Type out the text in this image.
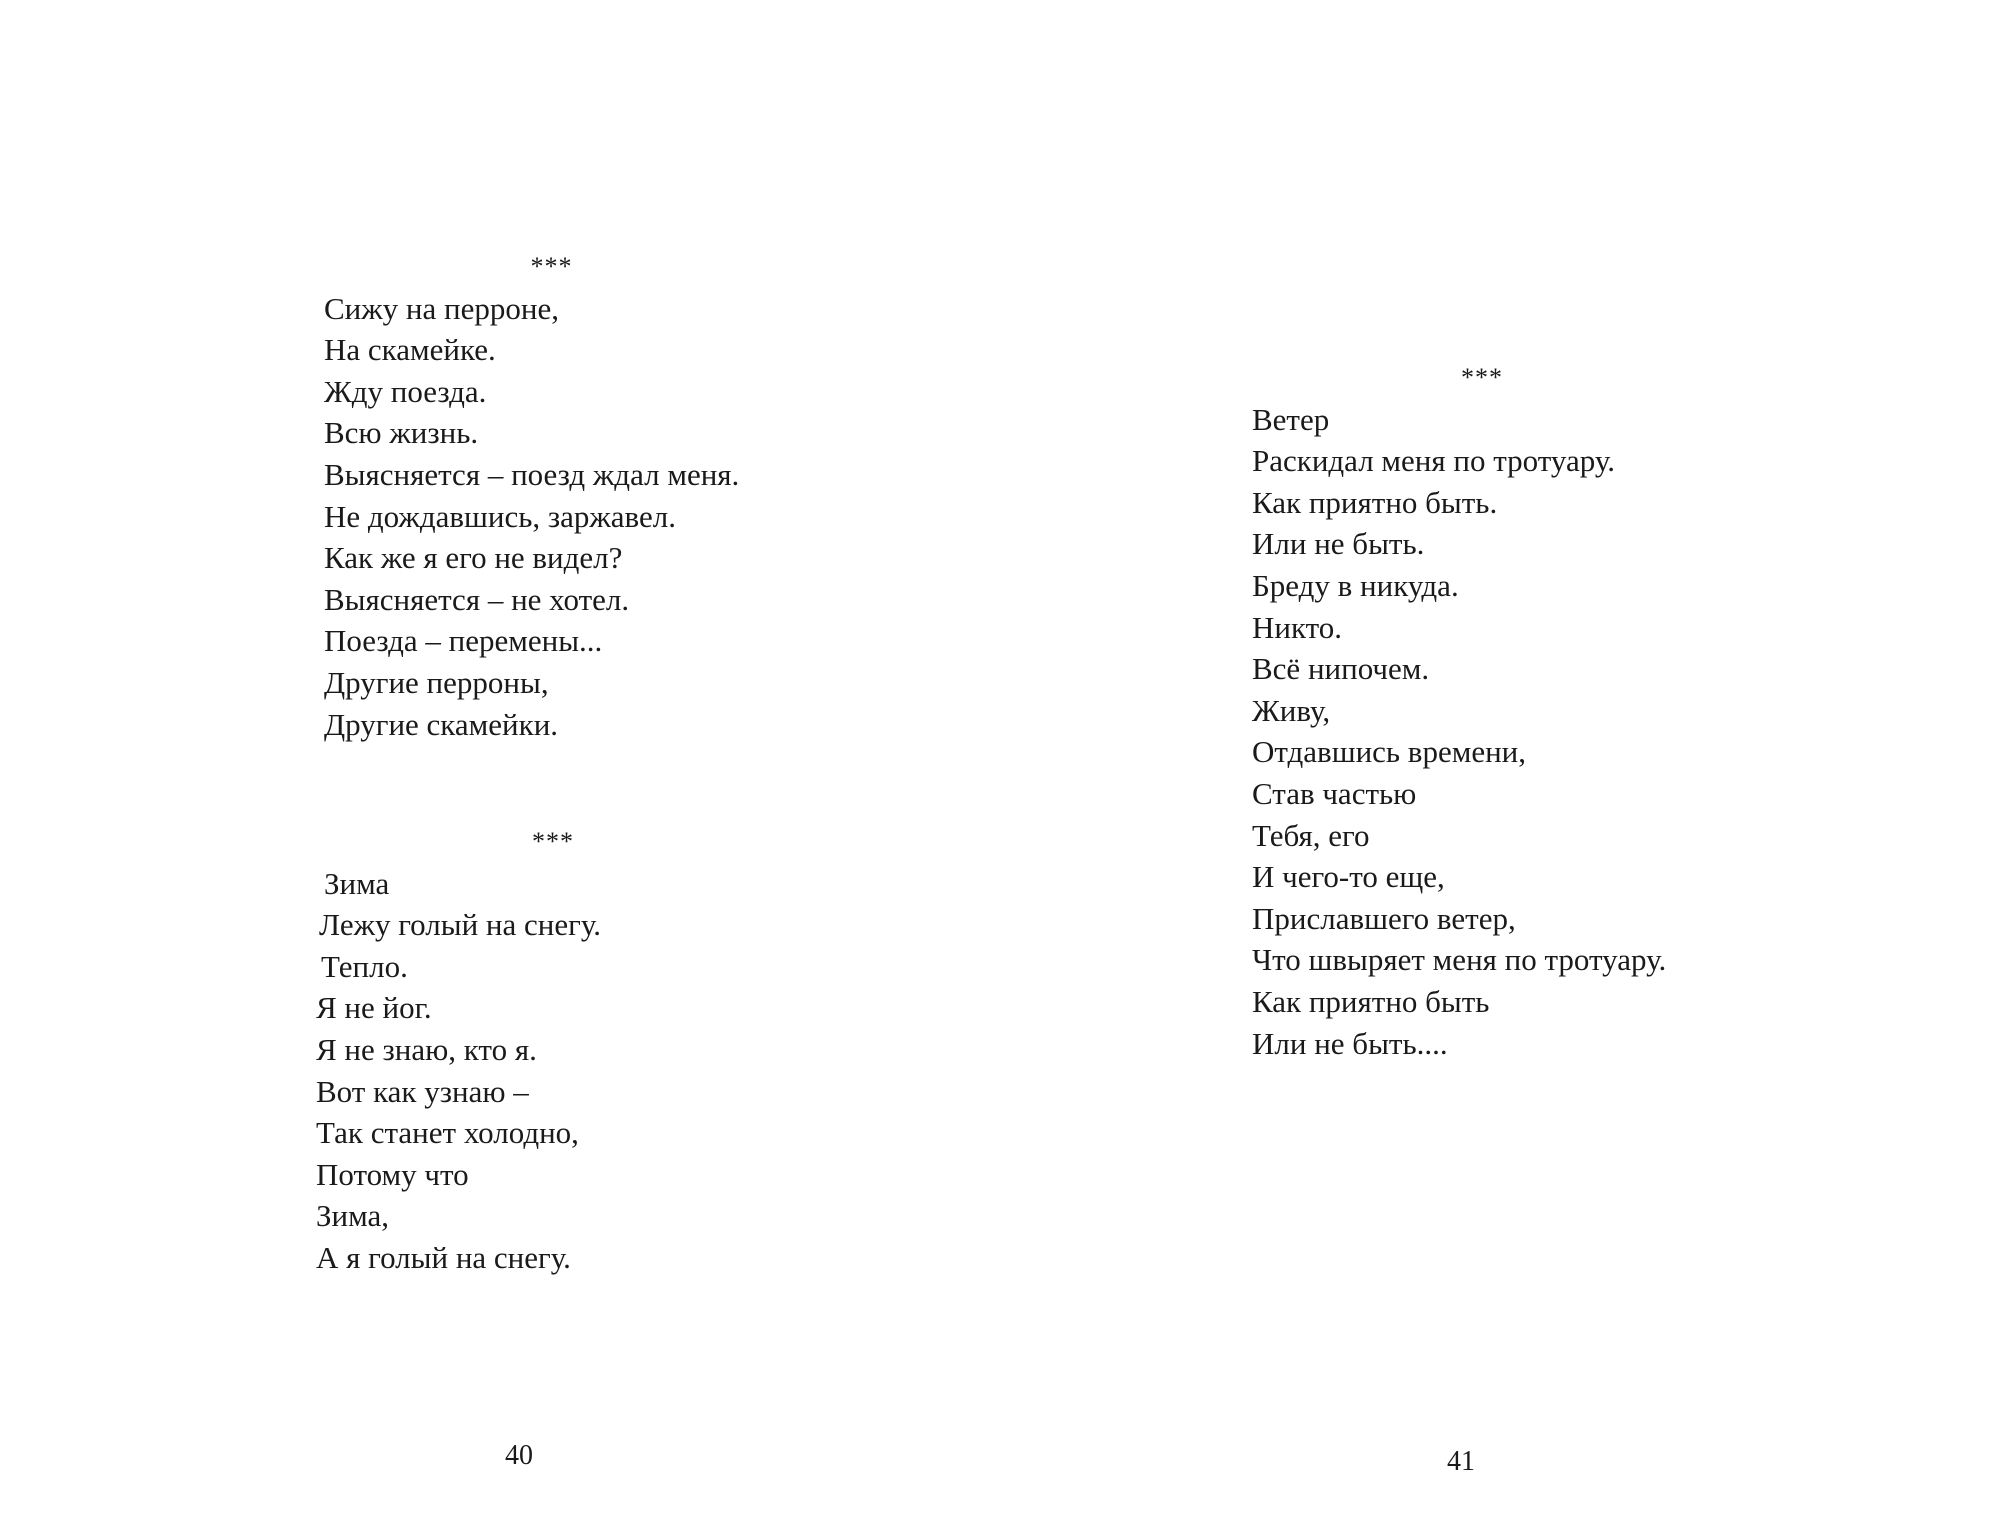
***
Сижу на перроне,
На скамейке.
Жду поезда.
Всю жизнь.
Выясняется – поезд ждал меня.
Не дождавшись, заржавел.
Как же я его не видел?
Выясняется – не хотел.
Поезда – перемены...
Другие перроны,
Другие скамейки.
***
Зима
Лежу голый на снегу.
Тепло.
Я не йог.
Я не знаю, кто я.
Вот как узнаю –
Так станет холодно,
Потому что
Зима,
А я голый на снегу.
40
***
Ветер
Раскидал меня по тротуару.
Как приятно быть.
Или не быть.
Бреду в никуда.
Никто.
Всё нипочем.
Живу,
Отдавшись времени,
Став частью
Тебя, его
И чего-то еще,
Приславшего ветер,
Что швыряет меня по тротуару.
Как приятно быть
Или не быть....
41
